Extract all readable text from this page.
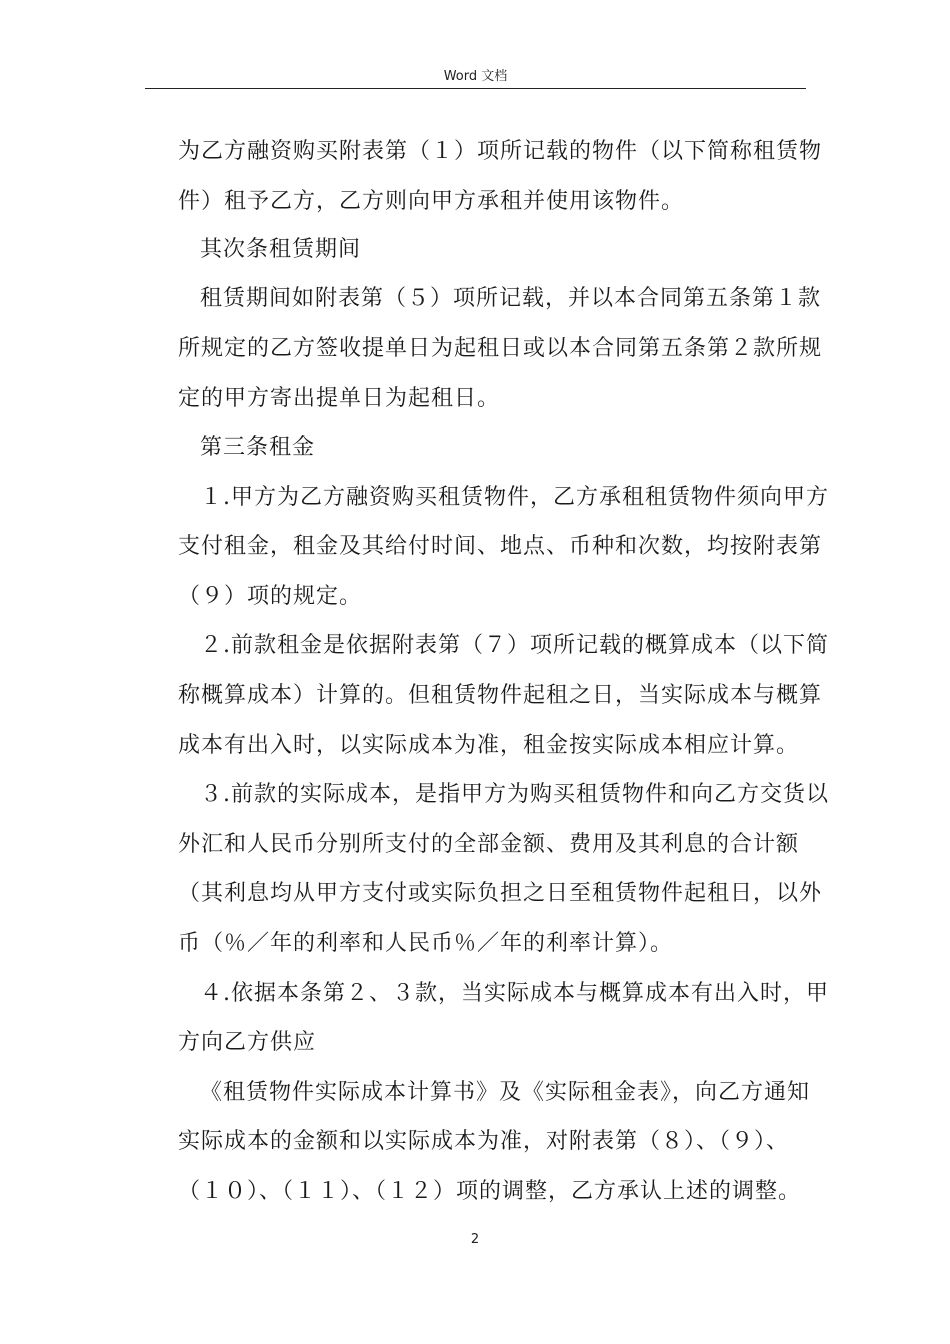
Word 文档
为乙方融资购买附表第（１）项所记载的物件（以下简称租赁物
件）租予乙方，乙方则向甲方承租并使用该物件。
其次条租赁期间
租赁期间如附表第（５）项所记载，并以本合同第五条第１款
所规定的乙方签收提单日为起租日或以本合同第五条第２款所规
定的甲方寄出提单日为起租日。
第三条租金
１.甲方为乙方融资购买租赁物件，乙方承租租赁物件须向甲方
支付租金，租金及其给付时间、地点、币种和次数，均按附表第
（９）项的规定。
２.前款租金是依据附表第（７）项所记载的概算成本（以下简
称概算成本）计算的。但租赁物件起租之日，当实际成本与概算
成本有出入时，以实际成本为准，租金按实际成本相应计算。
３.前款的实际成本，是指甲方为购买租赁物件和向乙方交货以
外汇和人民币分别所支付的全部金额、费用及其利息的合计额
（其利息均从甲方支付或实际负担之日至租赁物件起租日，以外
币（％／年的利率和人民币％／年的利率计算）。
４.依据本条第２、３款，当实际成本与概算成本有出入时，甲
方向乙方供应
《租赁物件实际成本计算书》及《实际租金表》，向乙方通知
实际成本的金额和以实际成本为准，对附表第（８）、（９）、
（１０）、（１１）、（１２）项的调整，乙方承认上述的调整。
2
